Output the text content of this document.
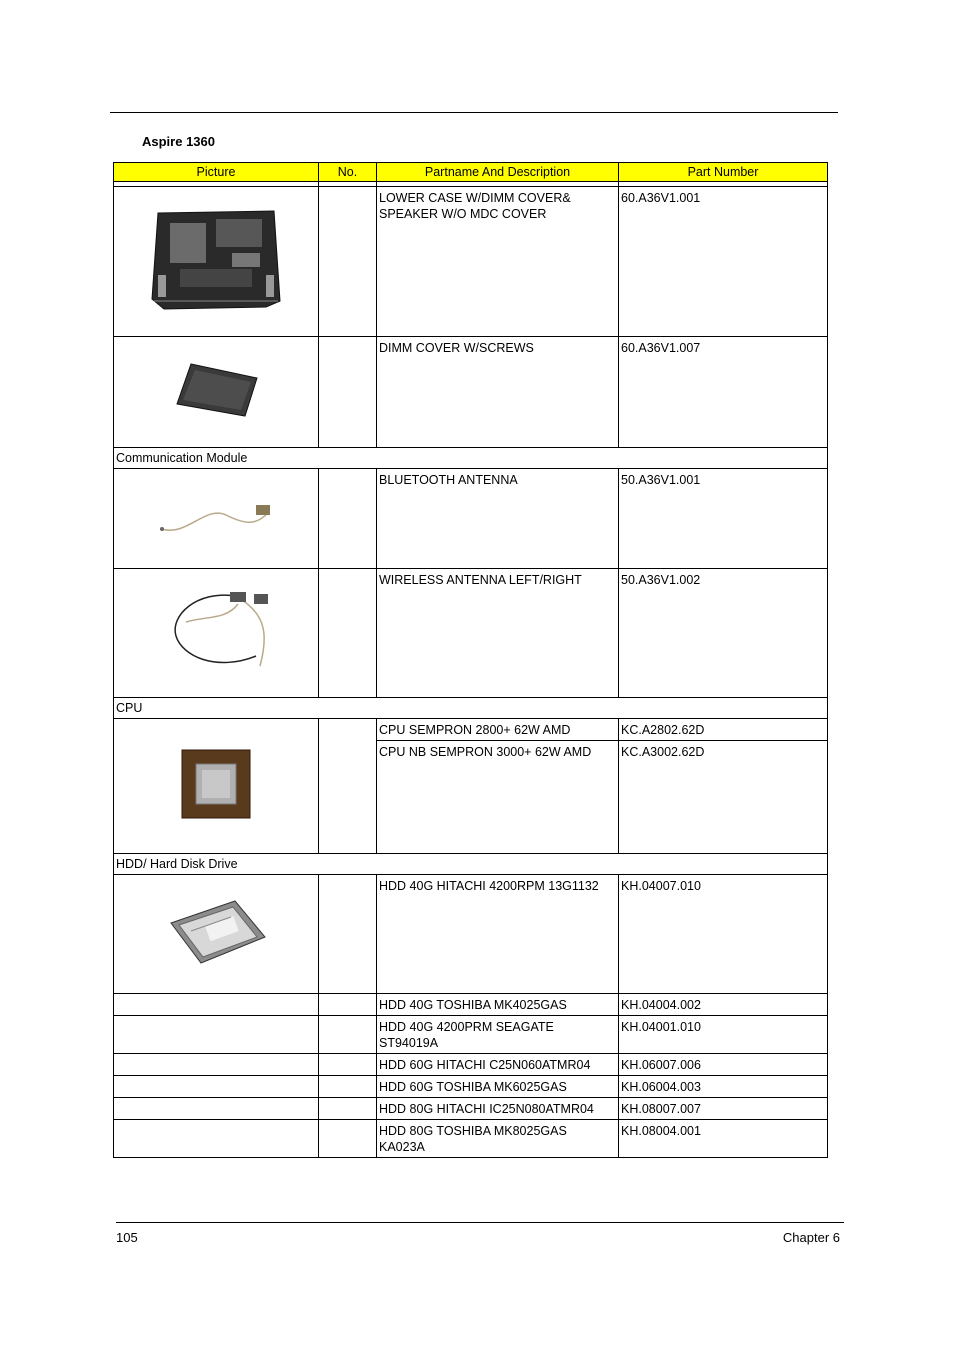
Aspire 1360
Picture	No.	Partname And Description	Part Number

		LOWER CASE W/DIMM COVER& SPEAKER W/O MDC COVER	60.A36V1.001
		DIMM COVER W/SCREWS	60.A36V1.007
Communication Module			
		BLUETOOTH ANTENNA	50.A36V1.001
		WIRELESS ANTENNA LEFT/RIGHT	50.A36V1.002
CPU			
		CPU SEMPRON 2800+ 62W AMD	KC.A2802.62D
		CPU NB SEMPRON 3000+ 62W AMD	KC.A3002.62D
HDD/ Hard Disk Drive			
		HDD 40G HITACHI 4200RPM 13G1132	KH.04007.010
		HDD 40G TOSHIBA MK4025GAS	KH.04004.002
		HDD 40G 4200PRM SEAGATE ST94019A	KH.04001.010
		HDD 60G HITACHI C25N060ATMR04	KH.06007.006
		HDD 60G TOSHIBA MK6025GAS	KH.06004.003
		HDD 80G HITACHI IC25N080ATMR04	KH.08007.007
		HDD 80G TOSHIBA MK8025GAS KA023A	KH.08004.001
105	Chapter 6
